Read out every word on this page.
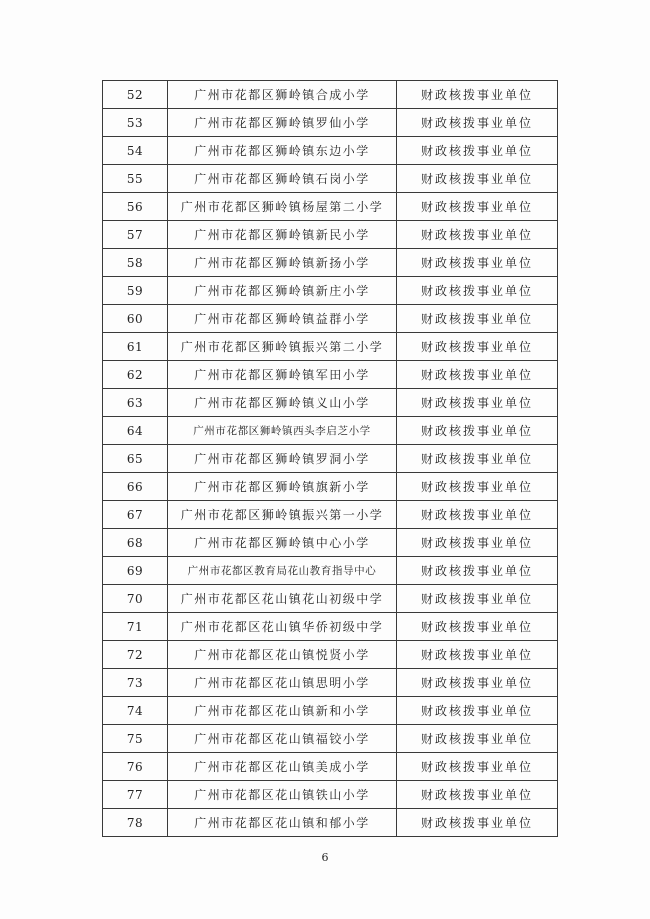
52	广州市花都区狮岭镇合成小学	财政核拨事业单位
53	广州市花都区狮岭镇罗仙小学	财政核拨事业单位
54	广州市花都区狮岭镇东边小学	财政核拨事业单位
55	广州市花都区狮岭镇石岗小学	财政核拨事业单位
56	广州市花都区狮岭镇杨屋第二小学	财政核拨事业单位
57	广州市花都区狮岭镇新民小学	财政核拨事业单位
58	广州市花都区狮岭镇新扬小学	财政核拨事业单位
59	广州市花都区狮岭镇新庄小学	财政核拨事业单位
60	广州市花都区狮岭镇益群小学	财政核拨事业单位
61	广州市花都区狮岭镇振兴第二小学	财政核拨事业单位
62	广州市花都区狮岭镇军田小学	财政核拨事业单位
63	广州市花都区狮岭镇义山小学	财政核拨事业单位
64	广州市花都区狮岭镇西头李启芝小学	财政核拨事业单位
65	广州市花都区狮岭镇罗洞小学	财政核拨事业单位
66	广州市花都区狮岭镇旗新小学	财政核拨事业单位
67	广州市花都区狮岭镇振兴第一小学	财政核拨事业单位
68	广州市花都区狮岭镇中心小学	财政核拨事业单位
69	广州市花都区教育局花山教育指导中心	财政核拨事业单位
70	广州市花都区花山镇花山初级中学	财政核拨事业单位
71	广州市花都区花山镇华侨初级中学	财政核拨事业单位
72	广州市花都区花山镇悦贤小学	财政核拨事业单位
73	广州市花都区花山镇思明小学	财政核拨事业单位
74	广州市花都区花山镇新和小学	财政核拨事业单位
75	广州市花都区花山镇福铰小学	财政核拨事业单位
76	广州市花都区花山镇美成小学	财政核拨事业单位
77	广州市花都区花山镇铁山小学	财政核拨事业单位
78	广州市花都区花山镇和郁小学	财政核拨事业单位
6
